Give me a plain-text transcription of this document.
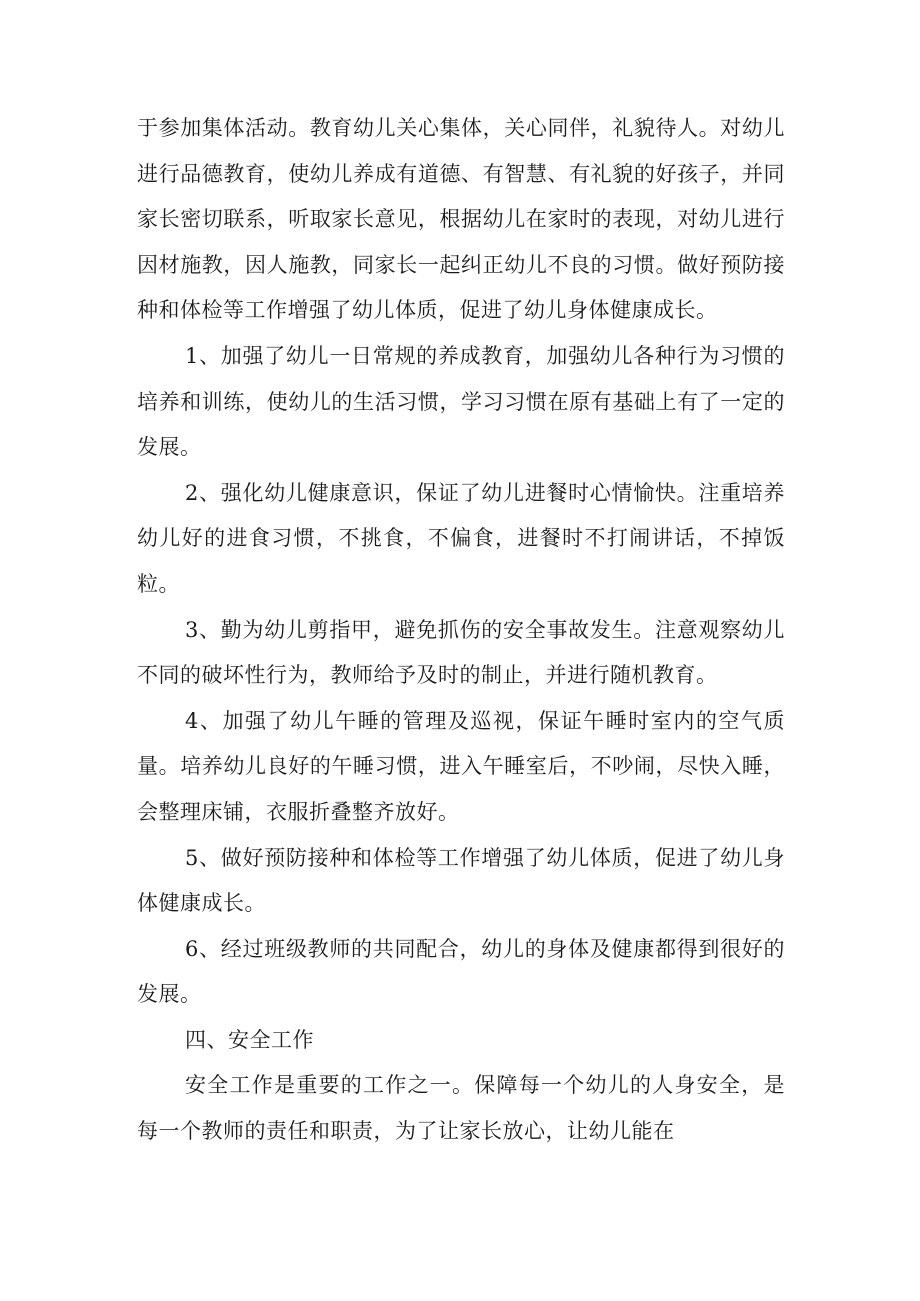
于参加集体活动。教育幼儿关心集体，关心同伴，礼貌待人。对幼儿进行品德教育，使幼儿养成有道德、有智慧、有礼貌的好孩子，并同家长密切联系，听取家长意见，根据幼儿在家时的表现，对幼儿进行因材施教，因人施教，同家长一起纠正幼儿不良的习惯。做好预防接种和体检等工作增强了幼儿体质，促进了幼儿身体健康成长。

1、加强了幼儿一日常规的养成教育，加强幼儿各种行为习惯的培养和训练，使幼儿的生活习惯，学习习惯在原有基础上有了一定的发展。

2、强化幼儿健康意识，保证了幼儿进餐时心情愉快。注重培养幼儿好的进食习惯，不挑食，不偏食，进餐时不打闹讲话，不掉饭粒。

3、勤为幼儿剪指甲，避免抓伤的安全事故发生。注意观察幼儿不同的破坏性行为，教师给予及时的制止，并进行随机教育。

4、加强了幼儿午睡的管理及巡视，保证午睡时室内的空气质量。培养幼儿良好的午睡习惯，进入午睡室后，不吵闹，尽快入睡，会整理床铺，衣服折叠整齐放好。

5、做好预防接种和体检等工作增强了幼儿体质，促进了幼儿身体健康成长。

6、经过班级教师的共同配合，幼儿的身体及健康都得到很好的发展。

四、安全工作

安全工作是重要的工作之一。保障每一个幼儿的人身安全，是每一个教师的责任和职责，为了让家长放心，让幼儿能在
